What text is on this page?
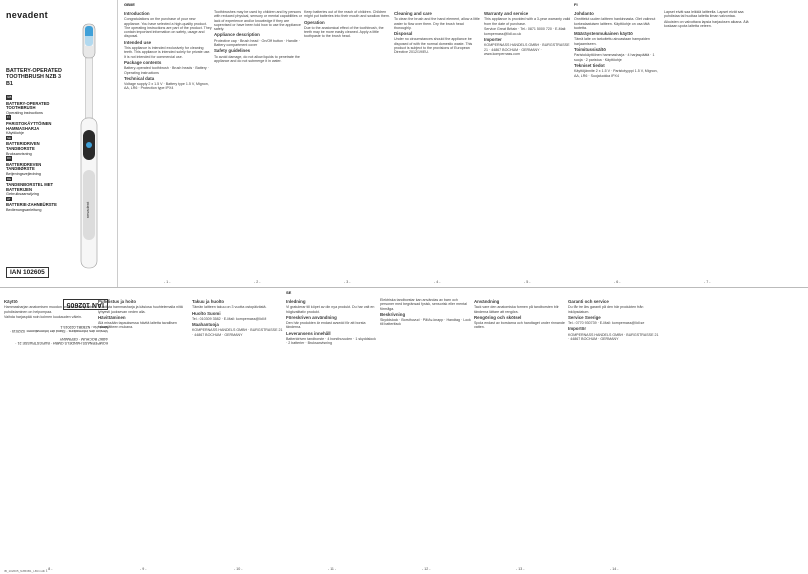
nevadent
BATTERY-OPERATED TOOTHBRUSH NZB 3 B1
GB
BATTERY-OPERATED TOOTHBRUSH
Operating instructions
FI
PARISTOKÄYTTÖINEN HAMMASHARJA
Käyttöohje
SE
BATTERIDRIVEN TANDBORSTE
Bruksanvisning
DK
BATTERIDREVEN TANDBØRSTE
Betjeningsvejledning
DE
TANDENBORSTEL MET BATTERIJEN
Gebruiksaanwijzing
AT
BATTERIE-ZAHNBÜRSTE
Bedienungsanleitung
IAN 102605
nevadent
GB/IE
Introduction

Congratulations on the purchase of your new appliance. You have selected a high-quality product. The operating instructions are part of the product. They contain important information on safety, usage and disposal.

Intended use

This appliance is intended exclusively for cleaning teeth. This appliance is intended solely for private use. It is not intended for commercial use.

Package contents

Battery-operated toothbrush · Brush heads · Battery · Operating instructions

Technical data

Voltage supply 2 x 1.5 V · Battery type 1.5 V, Mignon, AA, LR6 · Protection type IPX4

- 1 -

Toothbrushes may be used by children and by persons with reduced physical, sensory or mental capabilities or lack of experience and/or knowledge if they are supervised or have been told how to use the appliance safely.

Appliance description

Protective cap · Brush head · On/Off button · Handle · Battery compartment cover

Safety guidelines

To avoid damage, do not allow liquids to penetrate the appliance and do not submerge it in water.

- 2 -

Keep batteries out of the reach of children. Children might put batteries into their mouth and swallow them.

Operation

Due to the anatomical effect of the toothbrush, the teeth may be more easily cleaned. Apply a little toothpaste to the brush head.

- 3 -
Cleaning and care

To clean the brush and the hand element, allow a little water to flow over them. Dry the brush head thoroughly.

Disposal

Under no circumstances should the appliance be disposed of with the normal domestic waste. This product is subject to the provisions of European Directive 2012/19/EU.

- 4 -
Warranty and service

This appliance is provided with a 3-year warranty valid from the date of purchase.

Service Great Britain · Tel.: 0871 5000 720 · E-Mail: kompernass@lidl.co.uk

Importer

KOMPERNASS HANDELS GMBH · BURGSTRASSE 21 · 44867 BOCHUM · GERMANY · www.kompernass.com

- 5 -
FI
Johdanto

Onnittelut uuden laitteen hankinnasta. Olet valinnut korkealaatuisen laitteen. Käyttöohje on osa tätä tuotetta.

Määräystenmukainen käyttö

Tämä laite on tarkoitettu ainoastaan hampaiden harjaamiseen.

Toimitussisältö

Paristokäyttöinen hammasharja · 4 harjaspäätä · 1 suoja · 2 paristoa · Käyttöohje

Tekniset tiedot

Käyttöjännite 2 x 1.5 V · Paristotyyppi 1.5 V, Mignon, AA, LR6 · Suojaluokka IPX4

- 6 -

Lapset eivät saa leikkiä laitteella. Lapset eivät saa puhdistaa tai huoltaa laitetta ilman valvontaa.

Aikuisten on valvottava lapsia harjauksen aikana. Älä koskaan upota laitetta veteen.

- 7 -
Käyttö

Hammasharjan anatomisen muodon ansiosta hampaiden puhdistaminen on helpompaa.

Vaihda harjaspää noin kolmen kuukauden välein.

- 8 -
Puhdistus ja hoito

Puhdista hammasharja ja käsiosa huuhtelemalla niitä lyhyesti juoksevan veden alla.

Hävittäminen

Älä missään tapauksessa hävitä laitetta tavallisen talousjätteen mukana.

- 9 -
Takuu ja huolto

Tämän laitteen takuu on 3 vuotta ostopäivästä.

Huolto Suomi

Tel.: 010309 3582 · E-Mail: kompernass@lidl.fi

Maahantuoja

KOMPERNASS HANDELS GMBH · BURGSTRASSE 21 · 44867 BOCHUM · GERMANY

- 10 -
SE
Inledning

Vi gratulerar till köpet av din nya produkt. Du har valt en högkvalitativ produkt.

Föreskriven användning

Den här produkten är endast avsedd för att borsta tänderna.

Leveransens innehåll

Batteridriven tandborste · 4 borsthuvuden · 1 skyddslock · 2 batterier · Bruksanvisning

- 11 -

Elektriska tandborstar kan användas av barn och personer med begränsad fysisk, sensorisk eller mental förmåga.

Beskrivning

Skyddslock · Borsthuvud · På/Av-knapp · Handtag · Lock till batterifack

- 12 -
Användning

Tack vare den anatomiska formen på tandborsten blir tänderna lättare att rengöra.

Rengöring och skötsel

Spola endast av borstarna och handtaget under rinnande vatten.

- 13 -
Garanti och service

Du får tre års garanti på den här produkten från inköpsdatum.

Service Sverige

Tel.: 0770 930739 · E-Mail: kompernass@lidl.se

Importör

KOMPERNASS HANDELS GMBH · BURGSTRASSE 21 · 44867 BOCHUM · GERMANY

- 14 -
KOMPERNASS HANDELS GMBH · BURGSTRASSE 21 · 44867 BOCHUM · GERMANY
Version des informations · Stand der Informationen: 02/2015 · Ident.-No.: NZB3B1-022015-1
IAN 102605
IB_102605_NZB3B1_LB3.indb 1
